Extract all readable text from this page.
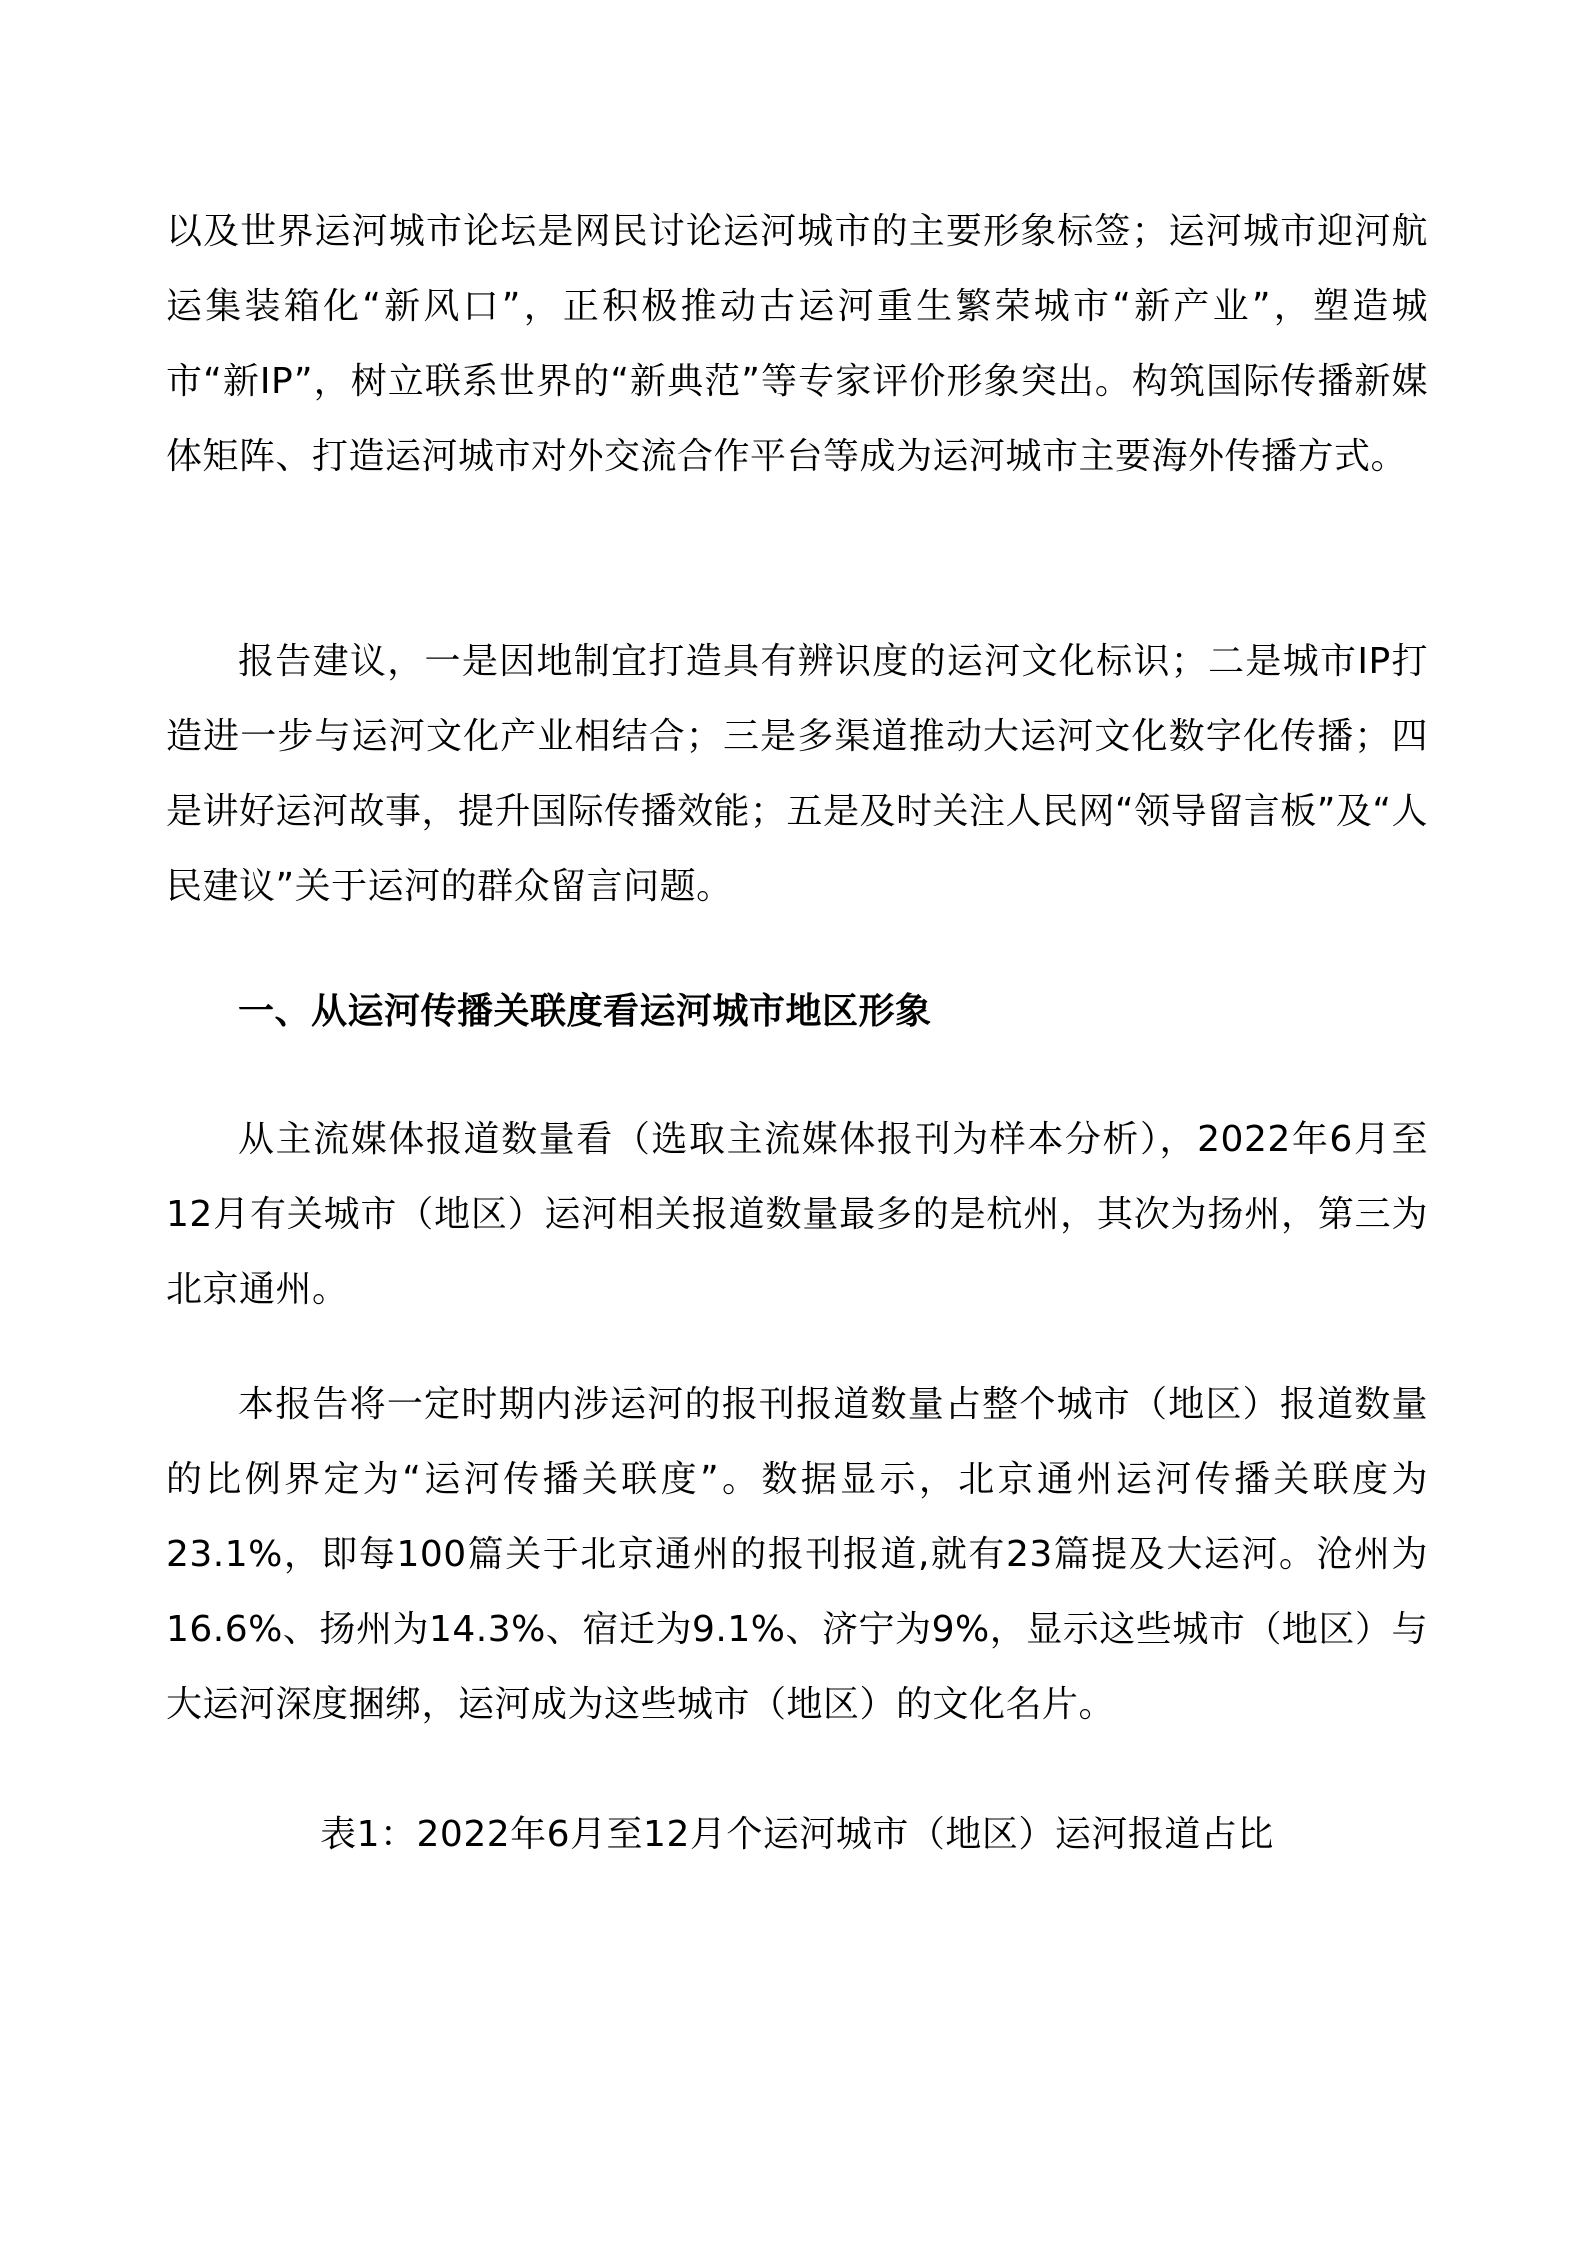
以及世界运河城市论坛是网民讨论运河城市的主要形象标签；运河城市迎河航运集装箱化“新风口”，正积极推动古运河重生繁荣城市“新产业”，塑造城市“新IP”，树立联系世界的“新典范”等专家评价形象突出。构筑国际传播新媒体矩阵、打造运河城市对外交流合作平台等成为运河城市主要海外传播方式。

报告建议，一是因地制宜打造具有辨识度的运河文化标识；二是城市IP打造进一步与运河文化产业相结合；三是多渠道推动大运河文化数字化传播；四是讲好运河故事，提升国际传播效能；五是及时关注人民网“领导留言板”及“人民建议”关于运河的群众留言问题。

一、从运河传播关联度看运河城市地区形象

从主流媒体报道数量看（选取主流媒体报刊为样本分析），2022年6月至12月有关城市（地区）运河相关报道数量最多的是杭州，其次为扬州，第三为北京通州。

本报告将一定时期内涉运河的报刊报道数量占整个城市（地区）报道数量的比例界定为“运河传播关联度”。数据显示，北京通州运河传播关联度为23.1%，即每100篇关于北京通州的报刊报道,就有23篇提及大运河。沧州为16.6%、扬州为14.3%、宿迁为9.1%、济宁为9%，显示这些城市（地区）与大运河深度捆绑，运河成为这些城市（地区）的文化名片。

表1：2022年6月至12月个运河城市（地区）运河报道占比
